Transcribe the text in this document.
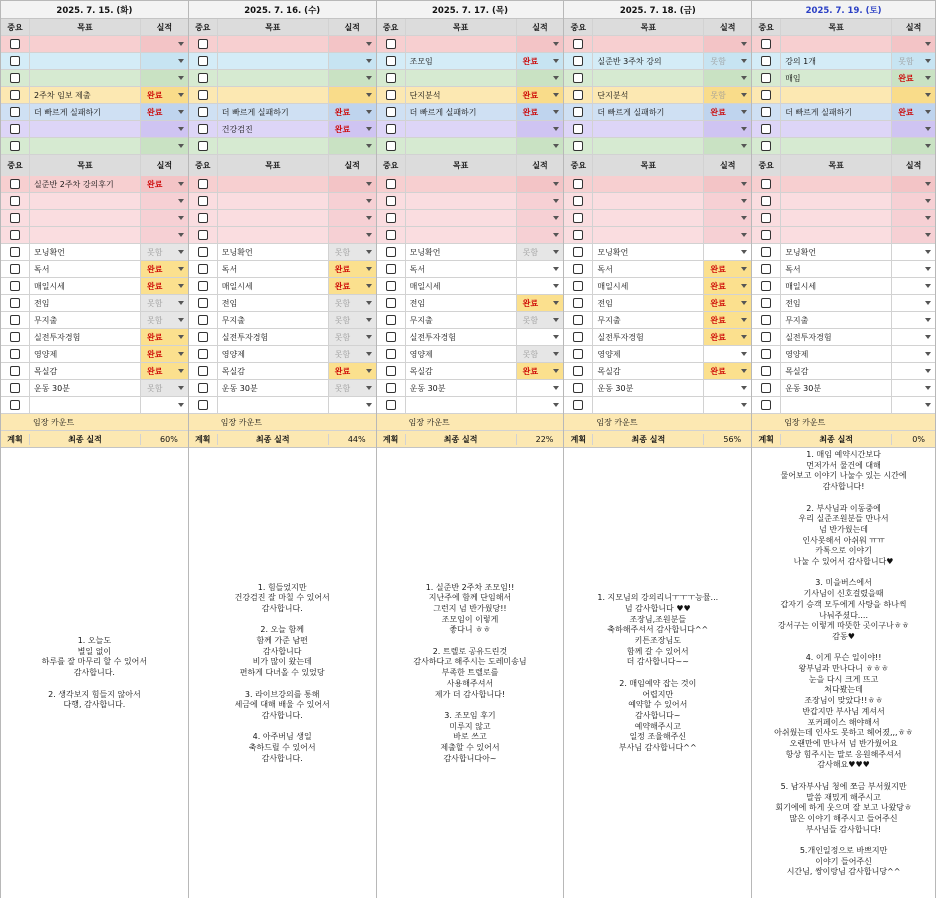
2025. 7. 15. (화)
중요	목표	실적
2주차 임보 제출	완료
더 빠르게 실패하기	완료
중요	목표	실적
실준반 2주차 강의후기	완료
모닝확언	못함
독서	완료
매일시세	완료
전임	못함
무지출	못함
실전투자경험	완료
영양제	완료
목실감	완료
운동 30분	못함
임장 카운트
계획	최종 실적	60%
1. 오늘도
별일 없이
하루를 잘 마무리 할 수 있어서
감사합니다.

2. 생각보지 힘들지 않아서
다행, 감사합니다.
2025. 7. 16. (수)
중요	목표	실적
더 빠르게 실패하기	완료
건강검진	완료
중요	목표	실적
모닝확언	못함
독서	완료
매일시세	완료
전임	못함
무지출	못함
실전투자경험	못함
영양제	못함
목실감	완료
운동 30분	못함
임장 카운트
계획	최종 실적	44%
1. 힘들었지만
건강검진 잘 마칠 수 있어서
감사합니다.

2. 오늘 함께
함께 가준 남편
감사합니다
비가 많이 왔는데
편하게 다녀올 수 있었당

3. 라이브강의를 통해
세금에 대해 배울 수 있어서
감사합니다.

4. 아주버님 생일
축하드릴 수 있어서
감사합니다.
2025. 7. 17. (목)
중요	목표	실적
조모임	완료
단지분석	완료
더 빠르게 실패하기	완료
중요	목표	실적
모닝확언	못함
독서
매일시세
전임	완료
무지출	못함
실전투자경험
영양제	못함
목실감	완료
운동 30분
임장 카운트
계획	최종 실적	22%
1. 실준반 2주차 조모임!!
지난주에 함께 단임해서
그런지 넘 반가웠당!!
조모임이 이렇게
좋다니 ㅎㅎ

2. 트렐로 공유드린것
감사하다고 해주시는 도레미송님
부족한 트렐로를
사용해주셔서
제가 더 감사합니다!

3. 조모임 후기
미루지 않고
바로 쓰고
제출할 수 있어서
감사합니다아~
2025. 7. 18. (금)
중요	목표	실적
실준반 3주차 강의	못함
단지분석	못함
더 빠르게 실패하기	완료
중요	목표	실적
모닝확언
독서	완료
매일시세	완료
전임	완료
무지출	완료
실전투자경험	완료
영양제
목실감	완료
운동 30분
임장 카운트
계획	최종 실적	56%
1. 지모님의 강의리니ㅜㅜㅜ능뮬...
넘 감사합니다 ♥♥
조장님,조원분들
축하해주셔서 감사합니다^^
키튼조장님도
함께 갈 수 있어서
더 감사합니다~~

2. 매임예약 잡는 것이
어렵지만
예약할 수 있어서
감사합니다~
예약해주시고
일정 조율해주신
부사님 감사합니다^^
2025. 7. 19. (토)
중요	목표	실적
강의 1개	못함
매임	완료
더 빠르게 실패하기	완료
중요	목표	실적
모닝확언
독서
매일시세
전임
무지출
실전투자경험
영양제
목실감
운동 30분
임장 카운트
계획	최종 실적	0%
1. 매임 예약시간보다
먼저가서 물건에 대해
물어보고 이야기 나눌수 있는 시간에
감사합니다!

2. 부사님과 이동중에
우리 실준조원분들 만나서
넘 반가웠는데
인사못해서 아쉬워 ㅠㅠ
카톡으로 이야기
나눌 수 있어서 감사합니다♥

3. 미을버스에서
기사님이 신호걸렸을때
갑자기 승객 모두에게 사탕을 하나씩
나눠주셨다....
강서구는 이렇게 따뜻한 곳이구나ㅎㅎ
감동♥

4. 이게 무슨 일이야!!
왕부님과 만나다니 ㅎㅎㅎ
눈을 다시 크게 뜨고
쳐다봤는데
조장님이 맞았다!!ㅎㅎ
반갑지만 부사님 계셔서
포커페이스 해야해서
아쉬웠는데 인사도 못하고 헤어졌,,,ㅎㅎ
오랜만에 만나서 넘 반가웠어요
항상 힘주시는 말로 응원해주셔서
감사해요♥♥♥

5. 남자부사님 청에 쪼금 부서웠지만
말씀 재밌게 해주시고
회기에에 하게 웃으며 잘 보고 나왔당ㅎ
많은 이야기 해주시고 들어주신
부사님들 감사합니다!

5.개인일정으로 바쁘지만
이야기 들어주신
시간님, 쌍이랑님 감사합니당^^
